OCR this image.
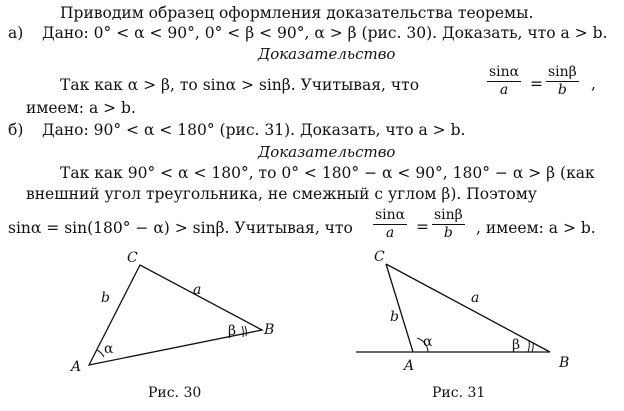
Приводим образец оформления доказательства теоремы.
а) Дано: 0° < α < 90°, 0° < β < 90°, α > β (рис. 30). Доказать, что a > b.
Доказательство
Так как α > β, то sinα > sinβ. Учитывая, что	$\frac{\sin\alpha}{a} = \frac{\sin\beta}{b}$ ,
имеем: a > b.
б) Дано: 90° < α < 180° (рис. 31). Доказать, что a > b.
Доказательство
Так как 90° < α < 180°, то 0° < 180° − α < 90°, 180° − α > β (как
внешний угол треугольника, не смежный с углом β). Поэтому
sinα = sin(180° − α) > sinβ. Учитывая, что $\frac{\sin\alpha}{a} = \frac{\sin\beta}{b}$ , имеем: a > b.
C
A
B
a
b
α
β
C
A	B
a
b
α	β
Рис. 30	Рис. 31
